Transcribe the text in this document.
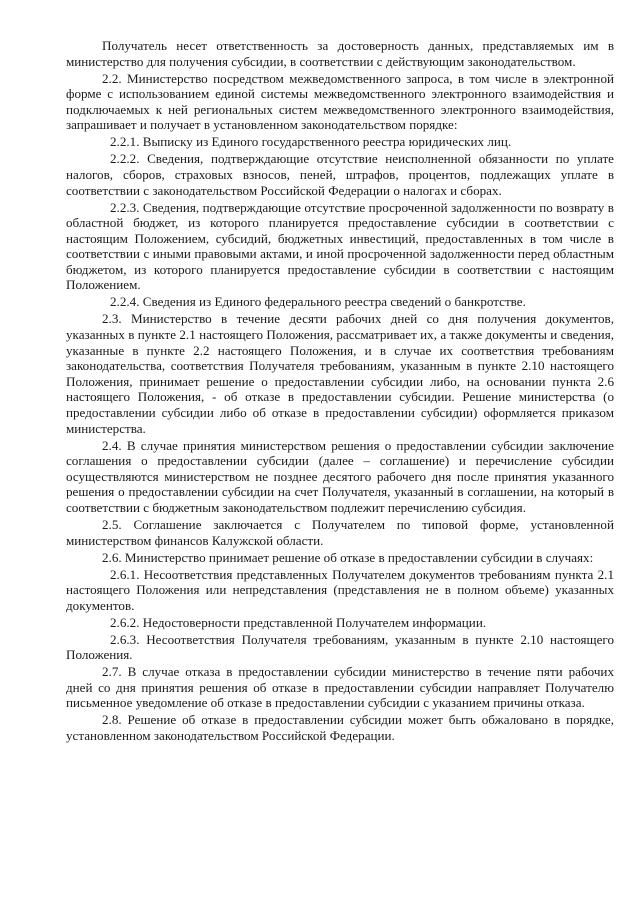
Получатель несет ответственность за достоверность данных, представляемых им в министерство для получения субсидии, в соответствии с действующим законодательством.

2.2. Министерство посредством межведомственного запроса, в том числе в электронной форме с использованием единой системы межведомственного электронного взаимодействия и подключаемых к ней региональных систем межведомственного электронного взаимодействия, запрашивает и получает в установленном законодательством порядке:

2.2.1. Выписку из Единого государственного реестра юридических лиц.

2.2.2. Сведения, подтверждающие отсутствие неисполненной обязанности по уплате налогов, сборов, страховых взносов, пеней, штрафов, процентов, подлежащих уплате в соответствии с законодательством Российской Федерации о налогах и сборах.

2.2.3. Сведения, подтверждающие отсутствие просроченной задолженности по возврату в областной бюджет, из которого планируется предоставление субсидии в соответствии с настоящим Положением, субсидий, бюджетных инвестиций, предоставленных в том числе в соответствии с иными правовыми актами, и иной просроченной задолженности перед областным бюджетом, из которого планируется предоставление субсидии в соответствии с настоящим Положением.

2.2.4. Сведения из Единого федерального реестра сведений о банкротстве.

2.3. Министерство в течение десяти рабочих дней со дня получения документов, указанных в пункте 2.1 настоящего Положения, рассматривает их, а также документы и сведения, указанные в пункте 2.2 настоящего Положения, и в случае их соответствия требованиям законодательства, соответствия Получателя требованиям, указанным в пункте 2.10 настоящего Положения, принимает решение о предоставлении субсидии либо, на основании пункта 2.6 настоящего Положения, - об отказе в предоставлении субсидии. Решение министерства (о предоставлении субсидии либо об отказе в предоставлении субсидии) оформляется приказом министерства.

2.4. В случае принятия министерством решения о предоставлении субсидии заключение соглашения о предоставлении субсидии (далее – соглашение) и перечисление субсидии осуществляются министерством не позднее десятого рабочего дня после принятия указанного решения о предоставлении субсидии на счет Получателя, указанный в соглашении, на который в соответствии с бюджетным законодательством подлежит перечислению субсидия.

2.5. Соглашение заключается с Получателем по типовой форме, установленной министерством финансов Калужской области.

2.6. Министерство принимает решение об отказе в предоставлении субсидии в случаях:

2.6.1. Несоответствия представленных Получателем документов требованиям пункта 2.1 настоящего Положения или непредставления (представления не в полном объеме) указанных документов.

2.6.2. Недостоверности представленной Получателем информации.

2.6.3. Несоответствия Получателя требованиям, указанным в пункте 2.10 настоящего Положения.

2.7. В случае отказа в предоставлении субсидии министерство в течение пяти рабочих дней со дня принятия решения об отказе в предоставлении субсидии направляет Получателю письменное уведомление об отказе в предоставлении субсидии с указанием причины отказа.

2.8. Решение об отказе в предоставлении субсидии может быть обжаловано в порядке, установленном законодательством Российской Федерации.
